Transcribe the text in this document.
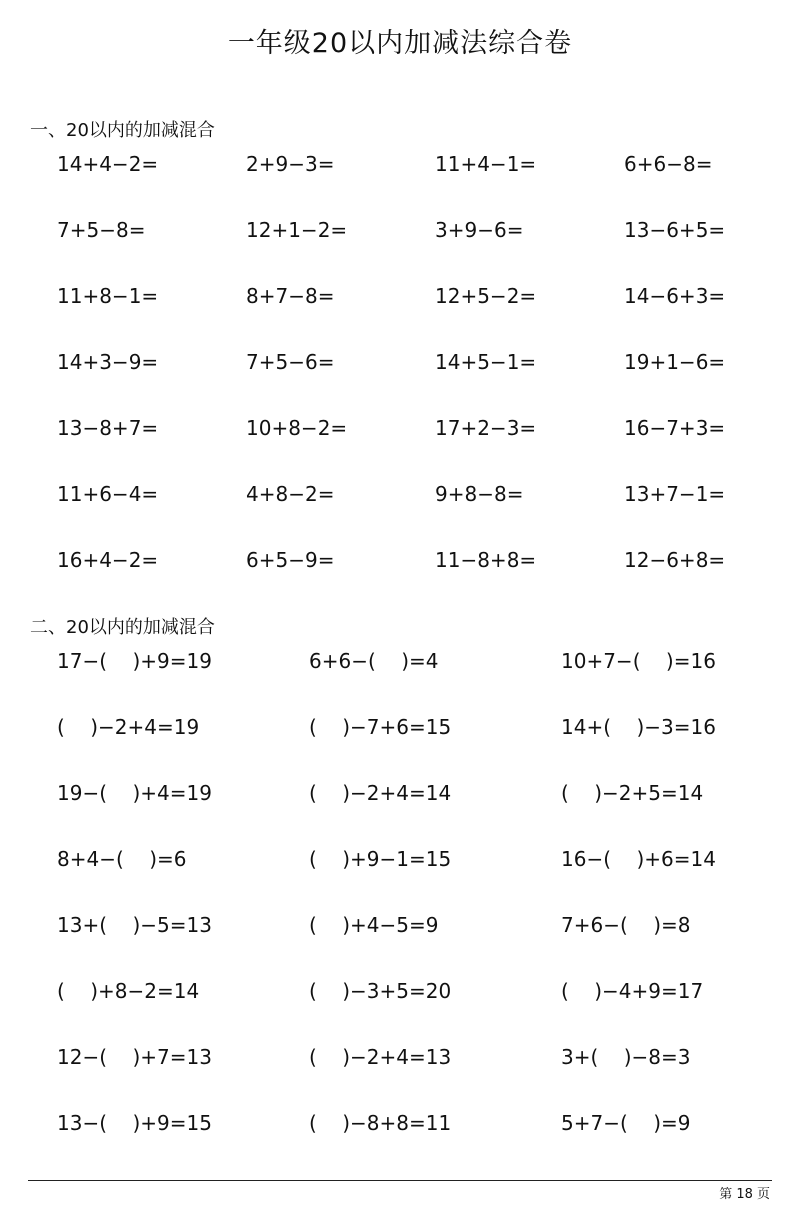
一年级20以内加减法综合卷
一、20以内的加减混合
14+4−2=	2+9−3=	11+4−1=	6+6−8=
7+5−8=	12+1−2=	3+9−6=	13−6+5=
11+8−1=	8+7−8=	12+5−2=	14−6+3=
14+3−9=	7+5−6=	14+5−1=	19+1−6=
13−8+7=	10+8−2=	17+2−3=	16−7+3=
11+6−4=	4+8−2=	9+8−8=	13+7−1=
16+4−2=	6+5−9=	11−8+8=	12−6+8=
二、20以内的加减混合
17−(    )+9=19	6+6−(    )=4	10+7−(    )=16
(    )−2+4=19	(    )−7+6=15	14+(    )−3=16
19−(    )+4=19	(    )−2+4=14	(    )−2+5=14
8+4−(    )=6	(    )+9−1=15	16−(    )+6=14
13+(    )−5=13	(    )+4−5=9	7+6−(    )=8
(    )+8−2=14	(    )−3+5=20	(    )−4+9=17
12−(    )+7=13	(    )−2+4=13	3+(    )−8=3
13−(    )+9=15	(    )−8+8=11	5+7−(    )=9
第 18 页
